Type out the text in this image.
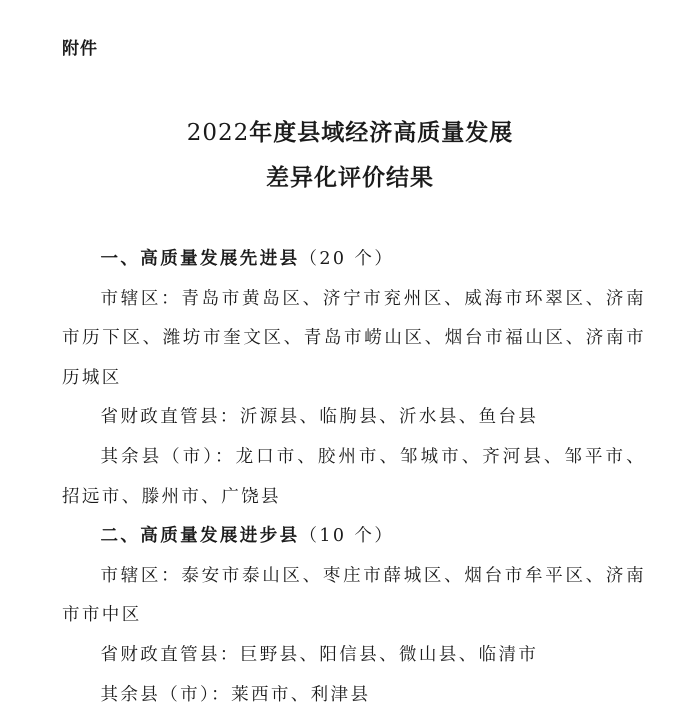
附件
2022年度县域经济高质量发展
差异化评价结果

一、高质量发展先进县（20 个）

市辖区：青岛市黄岛区、济宁市兖州区、威海市环翠区、济南市历下区、潍坊市奎文区、青岛市崂山区、烟台市福山区、济南市历城区

省财政直管县：沂源县、临朐县、沂水县、鱼台县

其余县（市）：龙口市、胶州市、邹城市、齐河县、邹平市、招远市、滕州市、广饶县

二、高质量发展进步县（10 个）

市辖区：泰安市泰山区、枣庄市薛城区、烟台市牟平区、济南市市中区

省财政直管县：巨野县、阳信县、微山县、临清市

其余县（市）：莱西市、利津县
